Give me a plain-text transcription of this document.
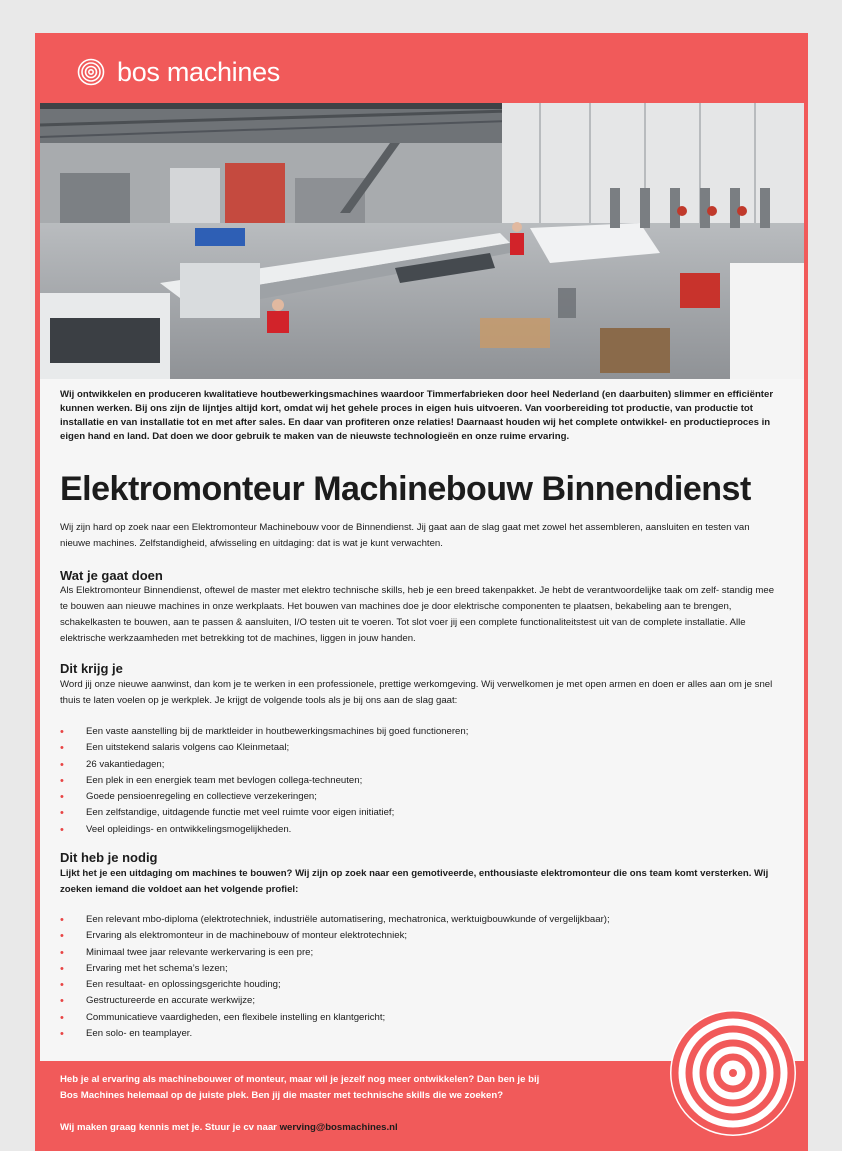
bos machines
Wij ontwikkelen en produceren kwalitatieve houtbewerkingsmachines waardoor Timmerfabrieken door heel Nederland (en daarbuiten) slimmer en efficiënter kunnen werken. Bij ons zijn de lijntjes altijd kort, omdat wij het gehele proces in eigen huis uitvoeren. Van voorbereiding tot productie, van productie tot installatie en van installatie tot en met after sales. En daar van profiteren onze relaties! Daarnaast houden wij het complete ontwikkel- en productieproces in eigen hand en land. Dat doen we door gebruik te maken van de nieuwste technologieën en onze ruime ervaring.
Elektromonteur Machinebouw Binnendienst
Wij zijn hard op zoek naar een Elektromonteur Machinebouw voor de Binnendienst. Jij gaat aan de slag gaat met zowel het assembleren, aansluiten en testen van nieuwe machines. Zelfstandigheid, afwisseling en uitdaging: dat is wat je kunt verwachten.
Wat je gaat doen
Als Elektromonteur Binnendienst, oftewel de master met elektro technische skills, heb je een breed takenpakket. Je hebt de verantwoordelijke taak om zelf- standig mee te bouwen aan nieuwe machines in onze werkplaats. Het bouwen van machines doe je door elektrische componenten te plaatsen, bekabeling aan te brengen, schakelkasten te bouwen, aan te passen & aansluiten, I/O testen uit te voeren. Tot slot voer jij een complete functionaliteitstest uit van de complete installatie. Alle elektrische werkzaamheden met betrekking tot de machines, liggen in jouw handen.
Dit krijg je
Word jij onze nieuwe aanwinst, dan kom je te werken in een professionele, prettige werkomgeving. Wij verwelkomen je met open armen en doen er alles aan om je snel thuis te laten voelen op je werkplek. Je krijgt de volgende tools als je bij ons aan de slag gaat:
• Een vaste aanstelling bij de marktleider in houtbewerkingsmachines bij goed functioneren;
• Een uitstekend salaris volgens cao Kleinmetaal;
• 26 vakantiedagen;
• Een plek in een energiek team met bevlogen collega-techneuten;
• Goede pensioenregeling en collectieve verzekeringen;
• Een zelfstandige, uitdagende functie met veel ruimte voor eigen initiatief;
• Veel opleidings- en ontwikkelingsmogelijkheden.
Dit heb je nodig
Lijkt het je een uitdaging om machines te bouwen? Wij zijn op zoek naar een gemotiveerde, enthousiaste elektromonteur die ons team komt versterken. Wij zoeken iemand die voldoet aan het volgende profiel:
• Een relevant mbo-diploma (elektrotechniek, industriële automatisering, mechatronica, werktuigbouwkunde of vergelijkbaar);
• Ervaring als elektromonteur in de machinebouw of monteur elektrotechniek;
• Minimaal twee jaar relevante werkervaring is een pre;
• Ervaring met het schema’s lezen;
• Een resultaat- en oplossingsgerichte houding;
• Gestructureerde en accurate werkwijze;
• Communicatieve vaardigheden, een flexibele instelling en klantgericht;
• Een solo- en teamplayer.
Heb je al ervaring als machinebouwer of monteur, maar wil je jezelf nog meer ontwikkelen? Dan ben je bij
Bos Machines helemaal op de juiste plek. Ben jij die master met technische skills die we zoeken?
Wij maken graag kennis met je. Stuur je cv naar werving@bosmachines.nl
